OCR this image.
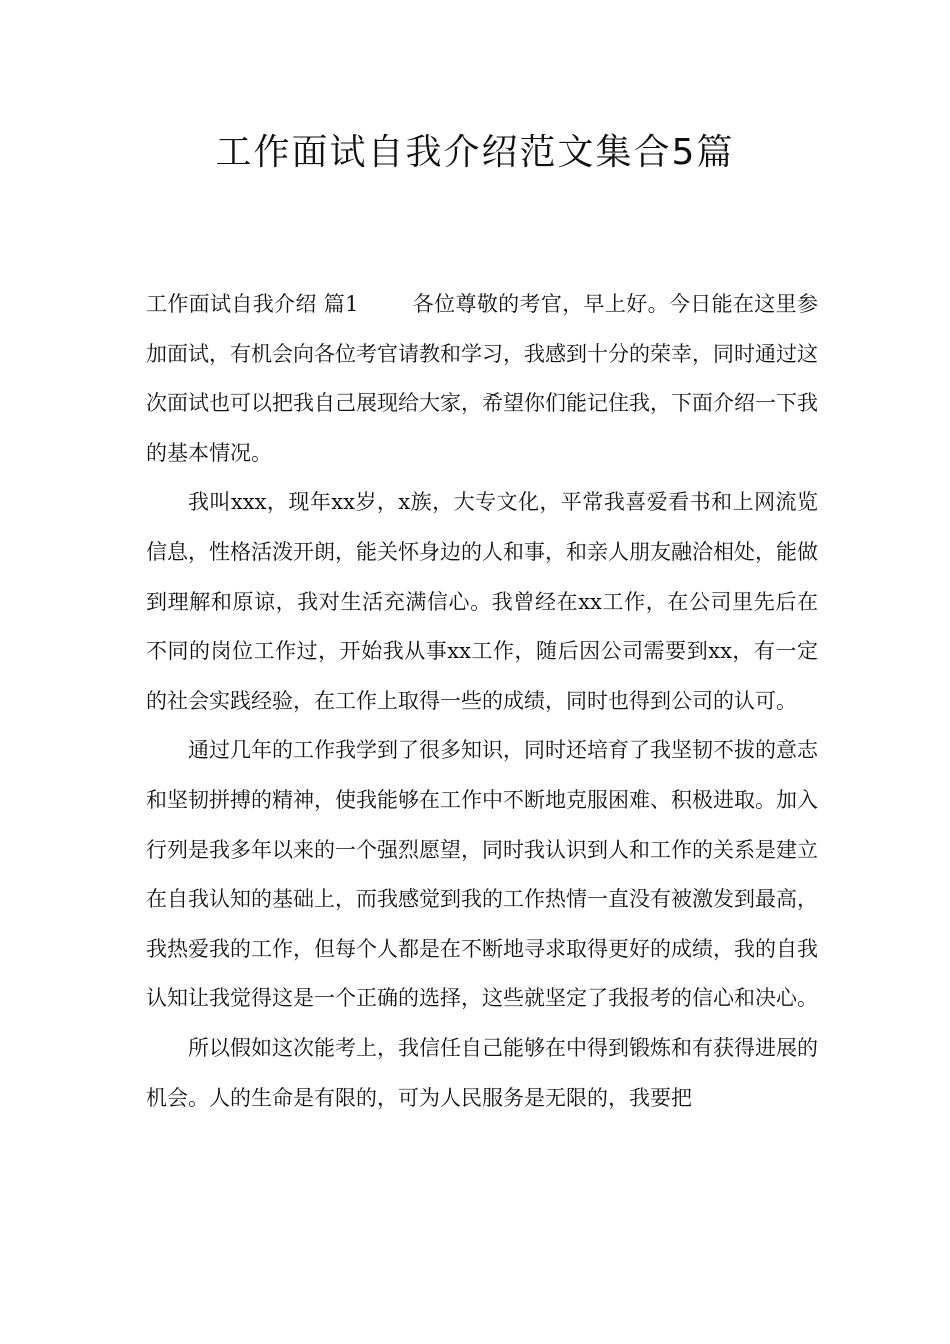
工作面试自我介绍范文集合5篇

工作面试自我介绍 篇1	各位尊敬的考官，早上好。今日能在这里参加面试，有机会向各位考官请教和学习，我感到十分的荣幸，同时通过这次面试也可以把我自己展现给大家，希望你们能记住我，下面介绍一下我的基本情况。

我叫xxx，现年xx岁，x族，大专文化，平常我喜爱看书和上网流览信息，性格活泼开朗，能关怀身边的人和事，和亲人朋友融洽相处，能做到理解和原谅，我对生活充满信心。我曾经在xx工作，在公司里先后在不同的岗位工作过，开始我从事xx工作，随后因公司需要到xx，有一定的社会实践经验，在工作上取得一些的成绩，同时也得到公司的认可。

通过几年的工作我学到了很多知识，同时还培育了我坚韧不拔的意志和坚韧拼搏的精神，使我能够在工作中不断地克服困难、积极进取。加入行列是我多年以来的一个强烈愿望，同时我认识到人和工作的关系是建立在自我认知的基础上，而我感觉到我的工作热情一直没有被激发到最高，我热爱我的工作，但每个人都是在不断地寻求取得更好的成绩，我的自我认知让我觉得这是一个正确的选择，这些就坚定了我报考的信心和决心。

所以假如这次能考上，我信任自己能够在中得到锻炼和有获得进展的机会。人的生命是有限的，可为人民服务是无限的，我要把
